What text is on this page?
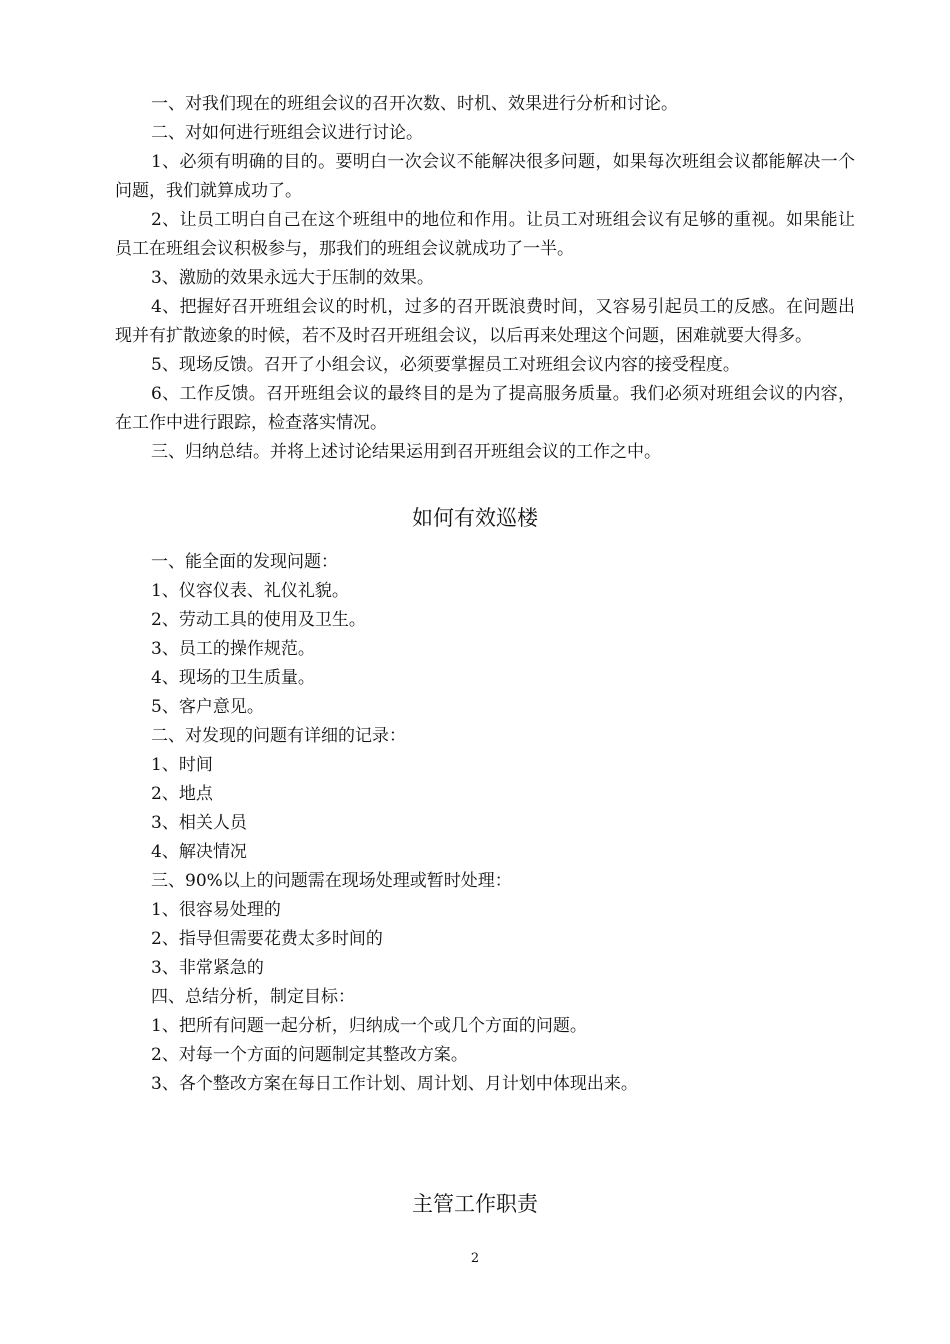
一、对我们现在的班组会议的召开次数、时机、效果进行分析和讨论。

二、对如何进行班组会议进行讨论。

1、必须有明确的目的。要明白一次会议不能解决很多问题，如果每次班组会议都能解决一个问题，我们就算成功了。

2、让员工明白自己在这个班组中的地位和作用。让员工对班组会议有足够的重视。如果能让员工在班组会议积极参与，那我们的班组会议就成功了一半。

3、激励的效果永远大于压制的效果。

4、把握好召开班组会议的时机，过多的召开既浪费时间，又容易引起员工的反感。在问题出现并有扩散迹象的时候，若不及时召开班组会议，以后再来处理这个问题，困难就要大得多。

5、现场反馈。召开了小组会议，必须要掌握员工对班组会议内容的接受程度。

6、工作反馈。召开班组会议的最终目的是为了提高服务质量。我们必须对班组会议的内容，在工作中进行跟踪，检查落实情况。

三、归纳总结。并将上述讨论结果运用到召开班组会议的工作之中。

如何有效巡楼

一、能全面的发现问题：

1、仪容仪表、礼仪礼貌。

2、劳动工具的使用及卫生。

3、员工的操作规范。

4、现场的卫生质量。

5、客户意见。

二、对发现的问题有详细的记录：

1、时间

2、地点

3、相关人员

4、解决情况

三、90%以上的问题需在现场处理或暂时处理：

1、很容易处理的

2、指导但需要花费太多时间的

3、非常紧急的

四、总结分析，制定目标：

1、把所有问题一起分析，归纳成一个或几个方面的问题。

2、对每一个方面的问题制定其整改方案。

3、各个整改方案在每日工作计划、周计划、月计划中体现出来。

主管工作职责
2
